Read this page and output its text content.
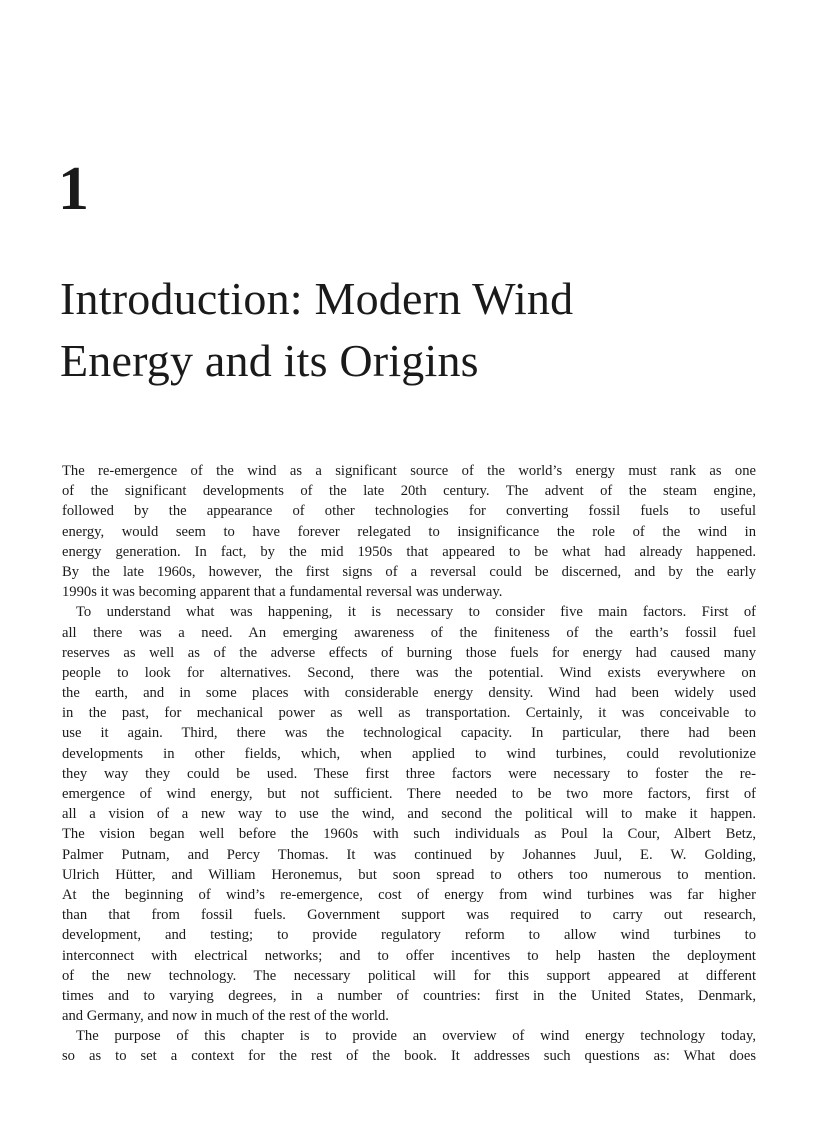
1
Introduction: Modern Wind
Energy and its Origins
The re-emergence of the wind as a significant source of the world’s energy must rank as one
of the significant developments of the late 20th century. The advent of the steam engine,
followed by the appearance of other technologies for converting fossil fuels to useful
energy, would seem to have forever relegated to insignificance the role of the wind in
energy generation. In fact, by the mid 1950s that appeared to be what had already happened.
By the late 1960s, however, the first signs of a reversal could be discerned, and by the early
1990s it was becoming apparent that a fundamental reversal was underway.
To understand what was happening, it is necessary to consider five main factors. First of
all there was a need. An emerging awareness of the finiteness of the earth’s fossil fuel
reserves as well as of the adverse effects of burning those fuels for energy had caused many
people to look for alternatives. Second, there was the potential. Wind exists everywhere on
the earth, and in some places with considerable energy density. Wind had been widely used
in the past, for mechanical power as well as transportation. Certainly, it was conceivable to
use it again. Third, there was the technological capacity. In particular, there had been
developments in other fields, which, when applied to wind turbines, could revolutionize
they way they could be used. These first three factors were necessary to foster the re-
emergence of wind energy, but not sufficient. There needed to be two more factors, first of
all a vision of a new way to use the wind, and second the political will to make it happen.
The vision began well before the 1960s with such individuals as Poul la Cour, Albert Betz,
Palmer Putnam, and Percy Thomas. It was continued by Johannes Juul, E. W. Golding,
Ulrich Hütter, and William Heronemus, but soon spread to others too numerous to mention.
At the beginning of wind’s re-emergence, cost of energy from wind turbines was far higher
than that from fossil fuels. Government support was required to carry out research,
development, and testing; to provide regulatory reform to allow wind turbines to
interconnect with electrical networks; and to offer incentives to help hasten the deployment
of the new technology. The necessary political will for this support appeared at different
times and to varying degrees, in a number of countries: first in the United States, Denmark,
and Germany, and now in much of the rest of the world.
The purpose of this chapter is to provide an overview of wind energy technology today,
so as to set a context for the rest of the book. It addresses such questions as: What does
